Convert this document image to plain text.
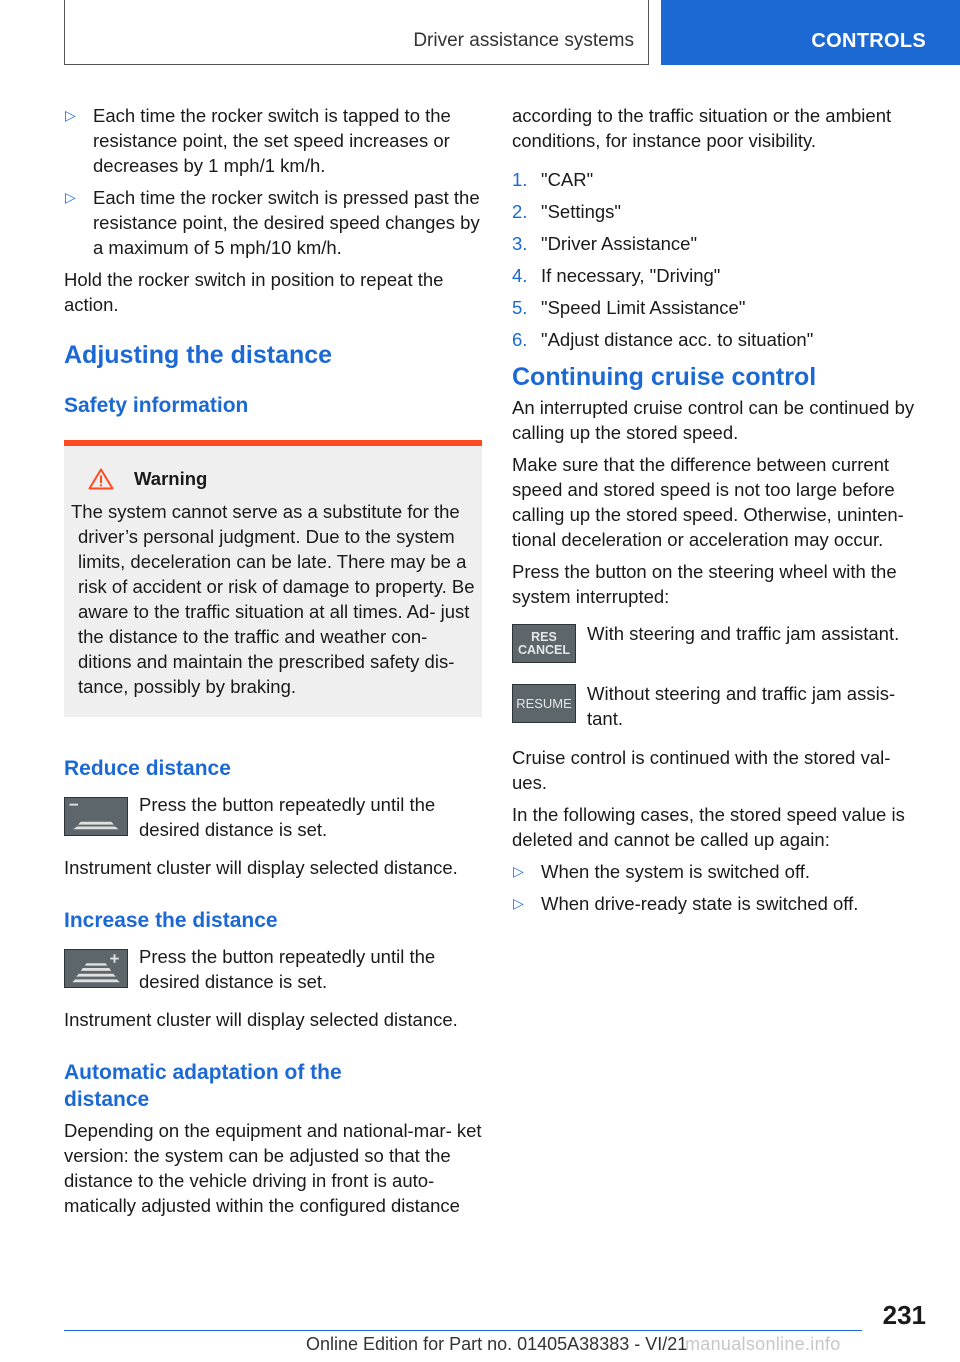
Driver assistance systems	CONTROLS
▷ Each time the rocker switch is tapped to the resistance point, the set speed increases or decreases by 1 mph/1 km/h.
▷ Each time the rocker switch is pressed past the resistance point, the desired speed changes by a maximum of 5 mph/10 km/h.

Hold the rocker switch in position to repeat the action.

Adjusting the distance
Safety information
Warning

The system cannot serve as a substitute for the
driver’s personal judgment. Due to the system limits, deceleration can be late. There may be a risk of accident or risk of damage to property. Be aware to the traffic situation at all times. Ad- just the distance to the traffic and weather con- ditions and maintain the prescribed safety dis- tance, possibly by braking.

Reduce distance
Press the button repeatedly until the desired distance is set.

Instrument cluster will display selected distance.

Increase the distance
Press the button repeatedly until the desired distance is set.

Instrument cluster will display selected distance.

Automatic adaptation of the distance

Depending on the equipment and national-mar- ket version: the system can be adjusted so that the distance to the vehicle driving in front is auto- matically adjusted within the configured distance

according to the traffic situation or the ambient conditions, for instance poor visibility.

1. "CAR"
2. "Settings"
3. "Driver Assistance"
4. If necessary, "Driving"
5. "Speed Limit Assistance"
6. "Adjust distance acc. to situation"
Continuing cruise control

An interrupted cruise control can be continued by calling up the stored speed.

Make sure that the difference between current speed and stored speed is not too large before calling up the stored speed. Otherwise, uninten- tional deceleration or acceleration may occur.

Press the button on the steering wheel with the system interrupted:

RES
CANCEL
With steering and traffic jam assistant.
RESUME Without steering and traffic jam assis- tant.

Cruise control is continued with the stored val- ues.

In the following cases, the stored speed value is deleted and cannot be called up again:

▷ When the system is switched off.
▷ When drive-ready state is switched off.
231
Online Edition for Part no. 01405A38383 - VI/21
manualsonline.info
